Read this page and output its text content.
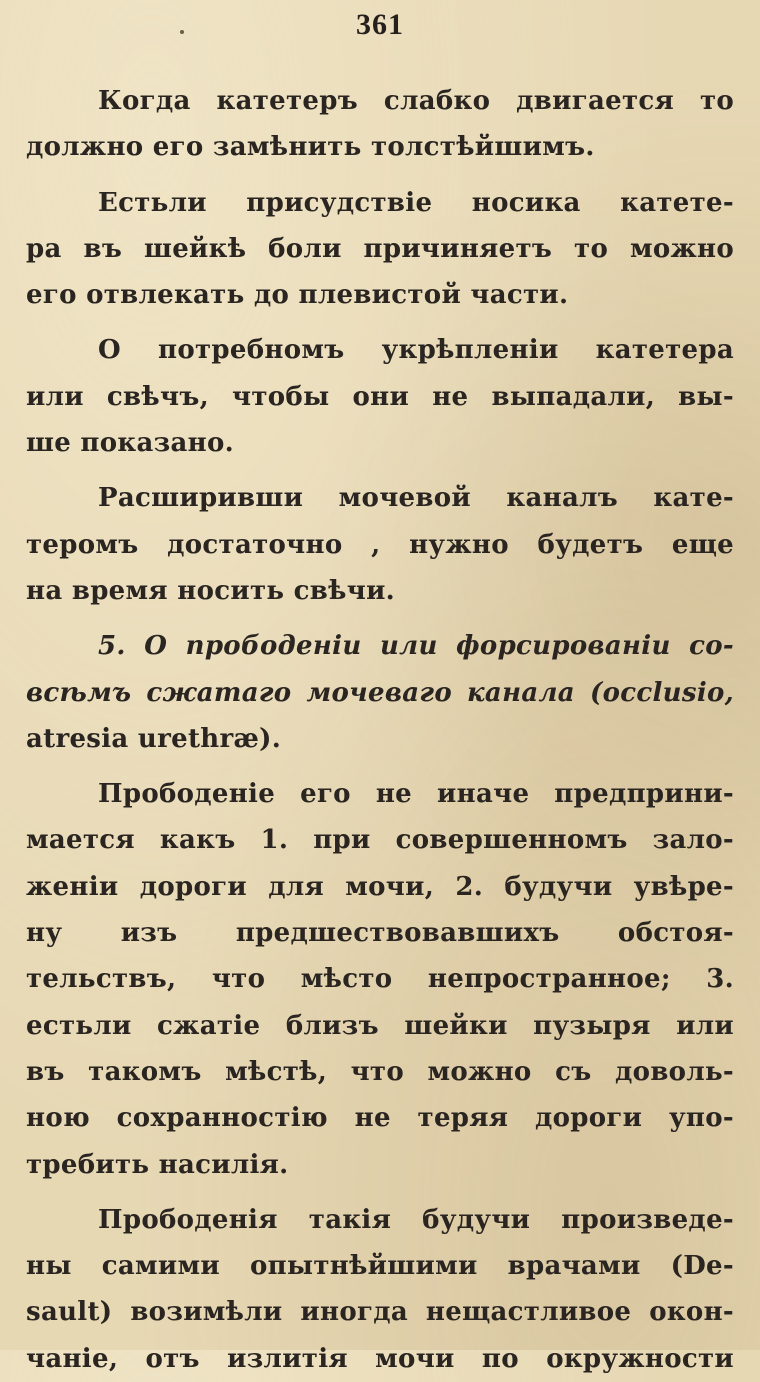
361
Когда катетеръ слабко двигается то
должно его замѣнить толстѣйшимъ.
Естьли присудствіе носика катете-
ра въ шейкѣ боли причиняетъ то можно
его отвлекать до плевистой части.
О потребномъ укрѣпленіи катетера
или свѣчъ, чтобы они не выпадали, вы-
ше показано.
Расширивши мочевой каналъ кате-
теромъ достаточно , нужно будетъ еще
на время носить свѣчи.
5. О прободеніи или форсированіи со-
всѣмъ сжатаго мочеваго канала (occlusio,
atresia urethræ).
Прободеніе его не иначе предприни-
мается какъ 1. при совершенномъ зало-
женіи дороги для мочи, 2. будучи увѣре-
ну изъ предшествовавшихъ обстоя-
тельствъ, что мѣсто непространное; 3.
естьли сжатіе близъ шейки пузыря или
въ такомъ мѣстѣ, что можно съ доволь-
ною сохранностію не теряя дороги упо-
требить насилія.
Прободенія такія будучи произведе-
ны самими опытнѣйшими врачами (De-
sault) возимѣли иногда нещастливое окон-
чаніе, отъ излитія мочи по окружности
